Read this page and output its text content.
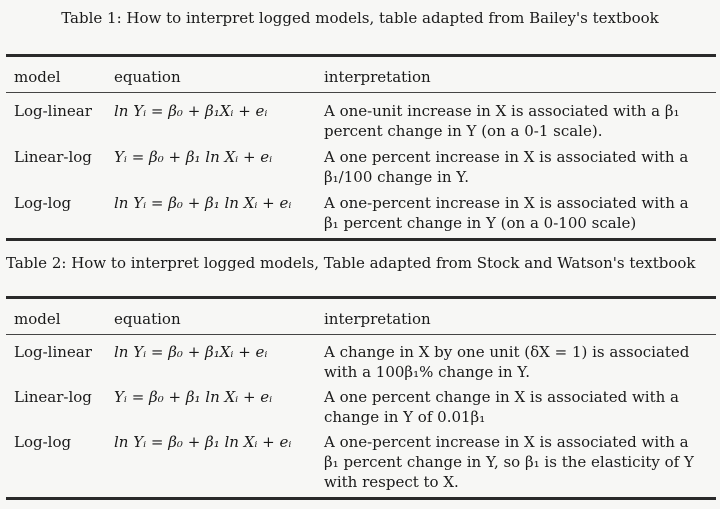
Table 1: How to interpret logged models, table adapted from Bailey's textbook
model	equation	interpretation
Log-linear	ln Yᵢ = β₀ + β₁Xᵢ + eᵢ	A one-unit increase in X is associated with a β₁
percent change in Y (on a 0-1 scale).

Linear-log	Yᵢ = β₀ + β₁ ln Xᵢ + eᵢ	A one percent increase in X is associated with a
β₁/100 change in Y.

Log-log	ln Yᵢ = β₀ + β₁ ln Xᵢ + eᵢ	A one-percent increase in X is associated with a
β₁ percent change in Y (on a 0-100 scale)
Table 2: How to interpret logged models, Table adapted from Stock and Watson's textbook
model	equation	interpretation
Log-linear	ln Yᵢ = β₀ + β₁Xᵢ + eᵢ	A change in X by one unit (δX = 1) is associated
with a 100β₁% change in Y.

Linear-log	Yᵢ = β₀ + β₁ ln Xᵢ + eᵢ	A one percent change in X is associated with a
change in Y of 0.01β₁

Log-log	ln Yᵢ = β₀ + β₁ ln Xᵢ + eᵢ	A one-percent increase in X is associated with a
β₁ percent change in Y, so β₁ is the elasticity of Y
with respect to X.
